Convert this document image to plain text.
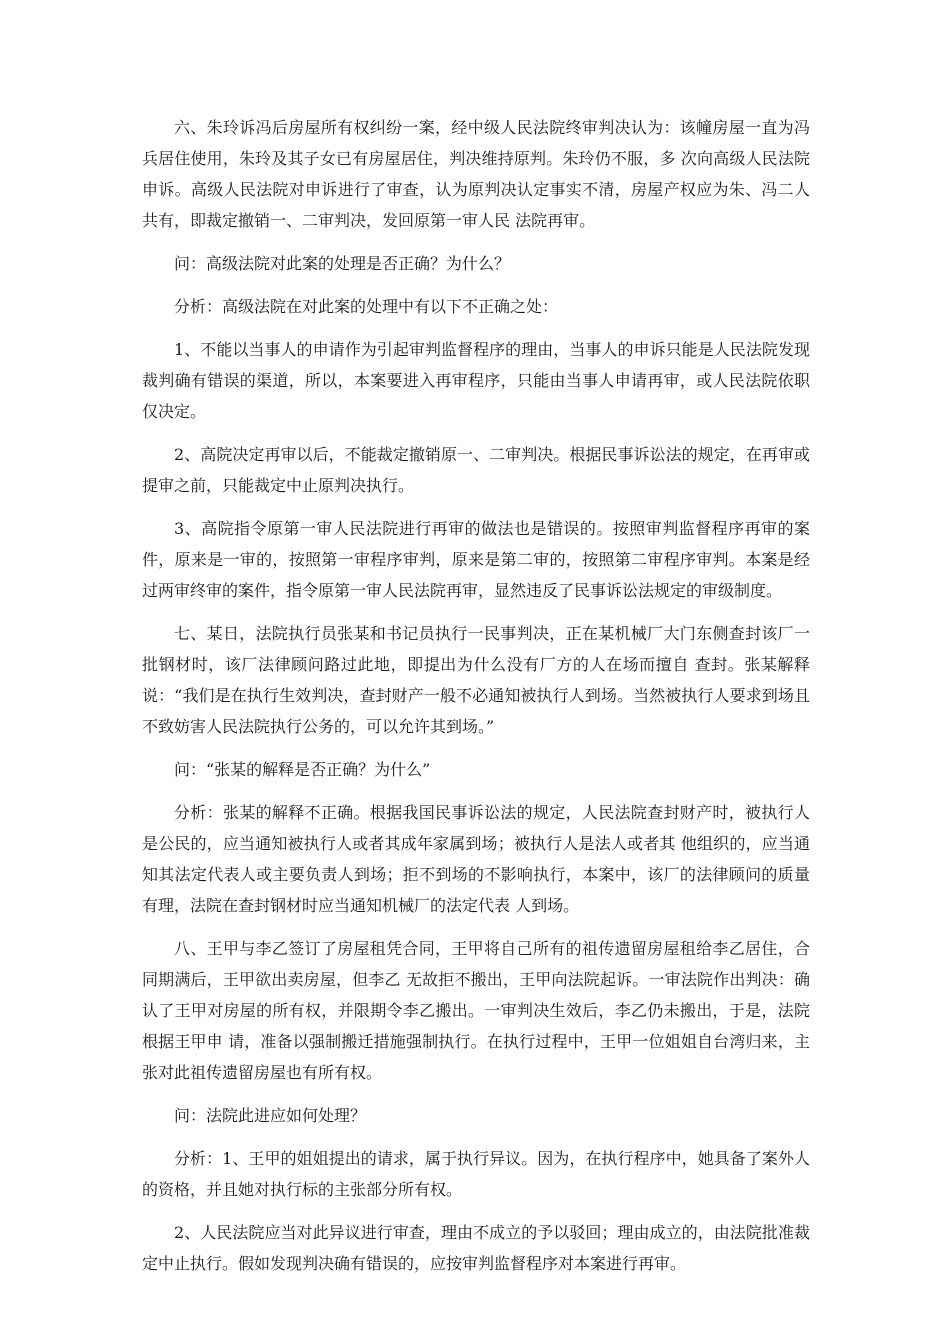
六、朱玲诉冯后房屋所有权纠纷一案，经中级人民法院终审判决认为：该幢房屋一直为冯兵居住使用，朱玲及其子女已有房屋居住，判决维持原判。朱玲仍不服，多 次向高级人民法院申诉。高级人民法院对申诉进行了审查，认为原判决认定事实不清，房屋产权应为朱、冯二人共有，即裁定撤销一、二审判决，发回原第一审人民 法院再审。

问：高级法院对此案的处理是否正确？为什么？

分析：高级法院在对此案的处理中有以下不正确之处：

1、不能以当事人的申请作为引起审判监督程序的理由，当事人的申诉只能是人民法院发现裁判确有错误的渠道，所以，本案要进入再审程序，只能由当事人申请再审，或人民法院依职仅决定。

2、高院决定再审以后，不能裁定撤销原一、二审判决。根据民事诉讼法的规定，在再审或提审之前，只能裁定中止原判决执行。

3、高院指令原第一审人民法院进行再审的做法也是错误的。按照审判监督程序再审的案件，原来是一审的，按照第一审程序审判，原来是第二审的，按照第二审程序审判。本案是经过两审终审的案件，指令原第一审人民法院再审，显然违反了民事诉讼法规定的审级制度。

七、某日，法院执行员张某和书记员执行一民事判决，正在某机械厂大门东侧查封该厂一批钢材时，该厂法律顾问路过此地，即提出为什么没有厂方的人在场而擅自 查封。张某解释说：“我们是在执行生效判决，查封财产一般不必通知被执行人到场。当然被执行人要求到场且不致妨害人民法院执行公务的，可以允许其到场。”

问：“张某的解释是否正确？为什么”

分析：张某的解释不正确。根据我国民事诉讼法的规定，人民法院查封财产时，被执行人是公民的，应当通知被执行人或者其成年家属到场；被执行人是法人或者其 他组织的，应当通知其法定代表人或主要负责人到场；拒不到场的不影响执行，本案中，该厂的法律顾问的质量有理，法院在查封钢材时应当通知机械厂的法定代表 人到场。

八、王甲与李乙签订了房屋租凭合同，王甲将自己所有的祖传遗留房屋租给李乙居住，合同期满后，王甲欲出卖房屋，但李乙 无故拒不搬出，王甲向法院起诉。一审法院作出判决：确认了王甲对房屋的所有权，并限期令李乙搬出。一审判决生效后，李乙仍未搬出，于是，法院根据王甲申 请，准备以强制搬迁措施强制执行。在执行过程中，王甲一位姐姐自台湾归来，主张对此祖传遗留房屋也有所有权。

问：法院此进应如何处理？

分析：1、王甲的姐姐提出的请求，属于执行异议。因为，在执行程序中，她具备了案外人的资格，并且她对执行标的主张部分所有权。

2、人民法院应当对此异议进行审查，理由不成立的予以驳回；理由成立的，由法院批准裁定中止执行。假如发现判决确有错误的，应按审判监督程序对本案进行再审。
